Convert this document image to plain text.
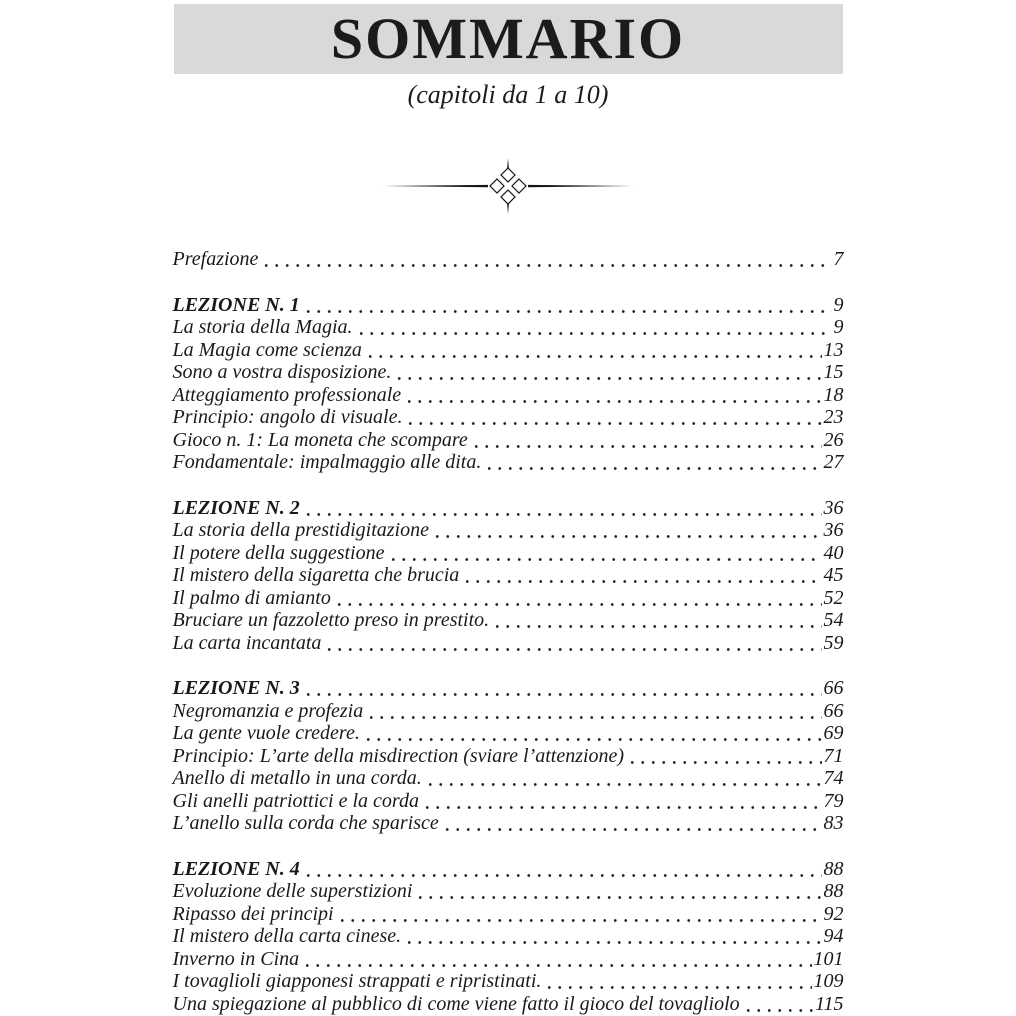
SOMMARIO
(capitoli da 1 a 10)
Prefazione	7
LEZIONE N. 1	9
La storia della Magia.	9
La Magia come scienza	13
Sono a vostra disposizione.	15
Atteggiamento professionale	18
Principio: angolo di visuale.	23
Gioco n. 1: La moneta che scompare	26
Fondamentale: impalmaggio alle dita.	27
LEZIONE N. 2	36
La storia della prestidigitazione	36
Il potere della suggestione	40
Il mistero della sigaretta che brucia	45
Il palmo di amianto	52
Bruciare un fazzoletto preso in prestito.	54
La carta incantata	59
LEZIONE N. 3	66
Negromanzia e profezia	66
La gente vuole credere.	69
Principio: L’arte della misdirection (sviare l’attenzione)	71
Anello di metallo in una corda.	74
Gli anelli patriottici e la corda	79
L’anello sulla corda che sparisce	83
LEZIONE N. 4	88
Evoluzione delle superstizioni	88
Ripasso dei principi	92
Il mistero della carta cinese.	94
Inverno in Cina	101
I tovaglioli giapponesi strappati e ripristinati.	109
Una spiegazione al pubblico di come viene fatto il gioco del tovagliolo	115
